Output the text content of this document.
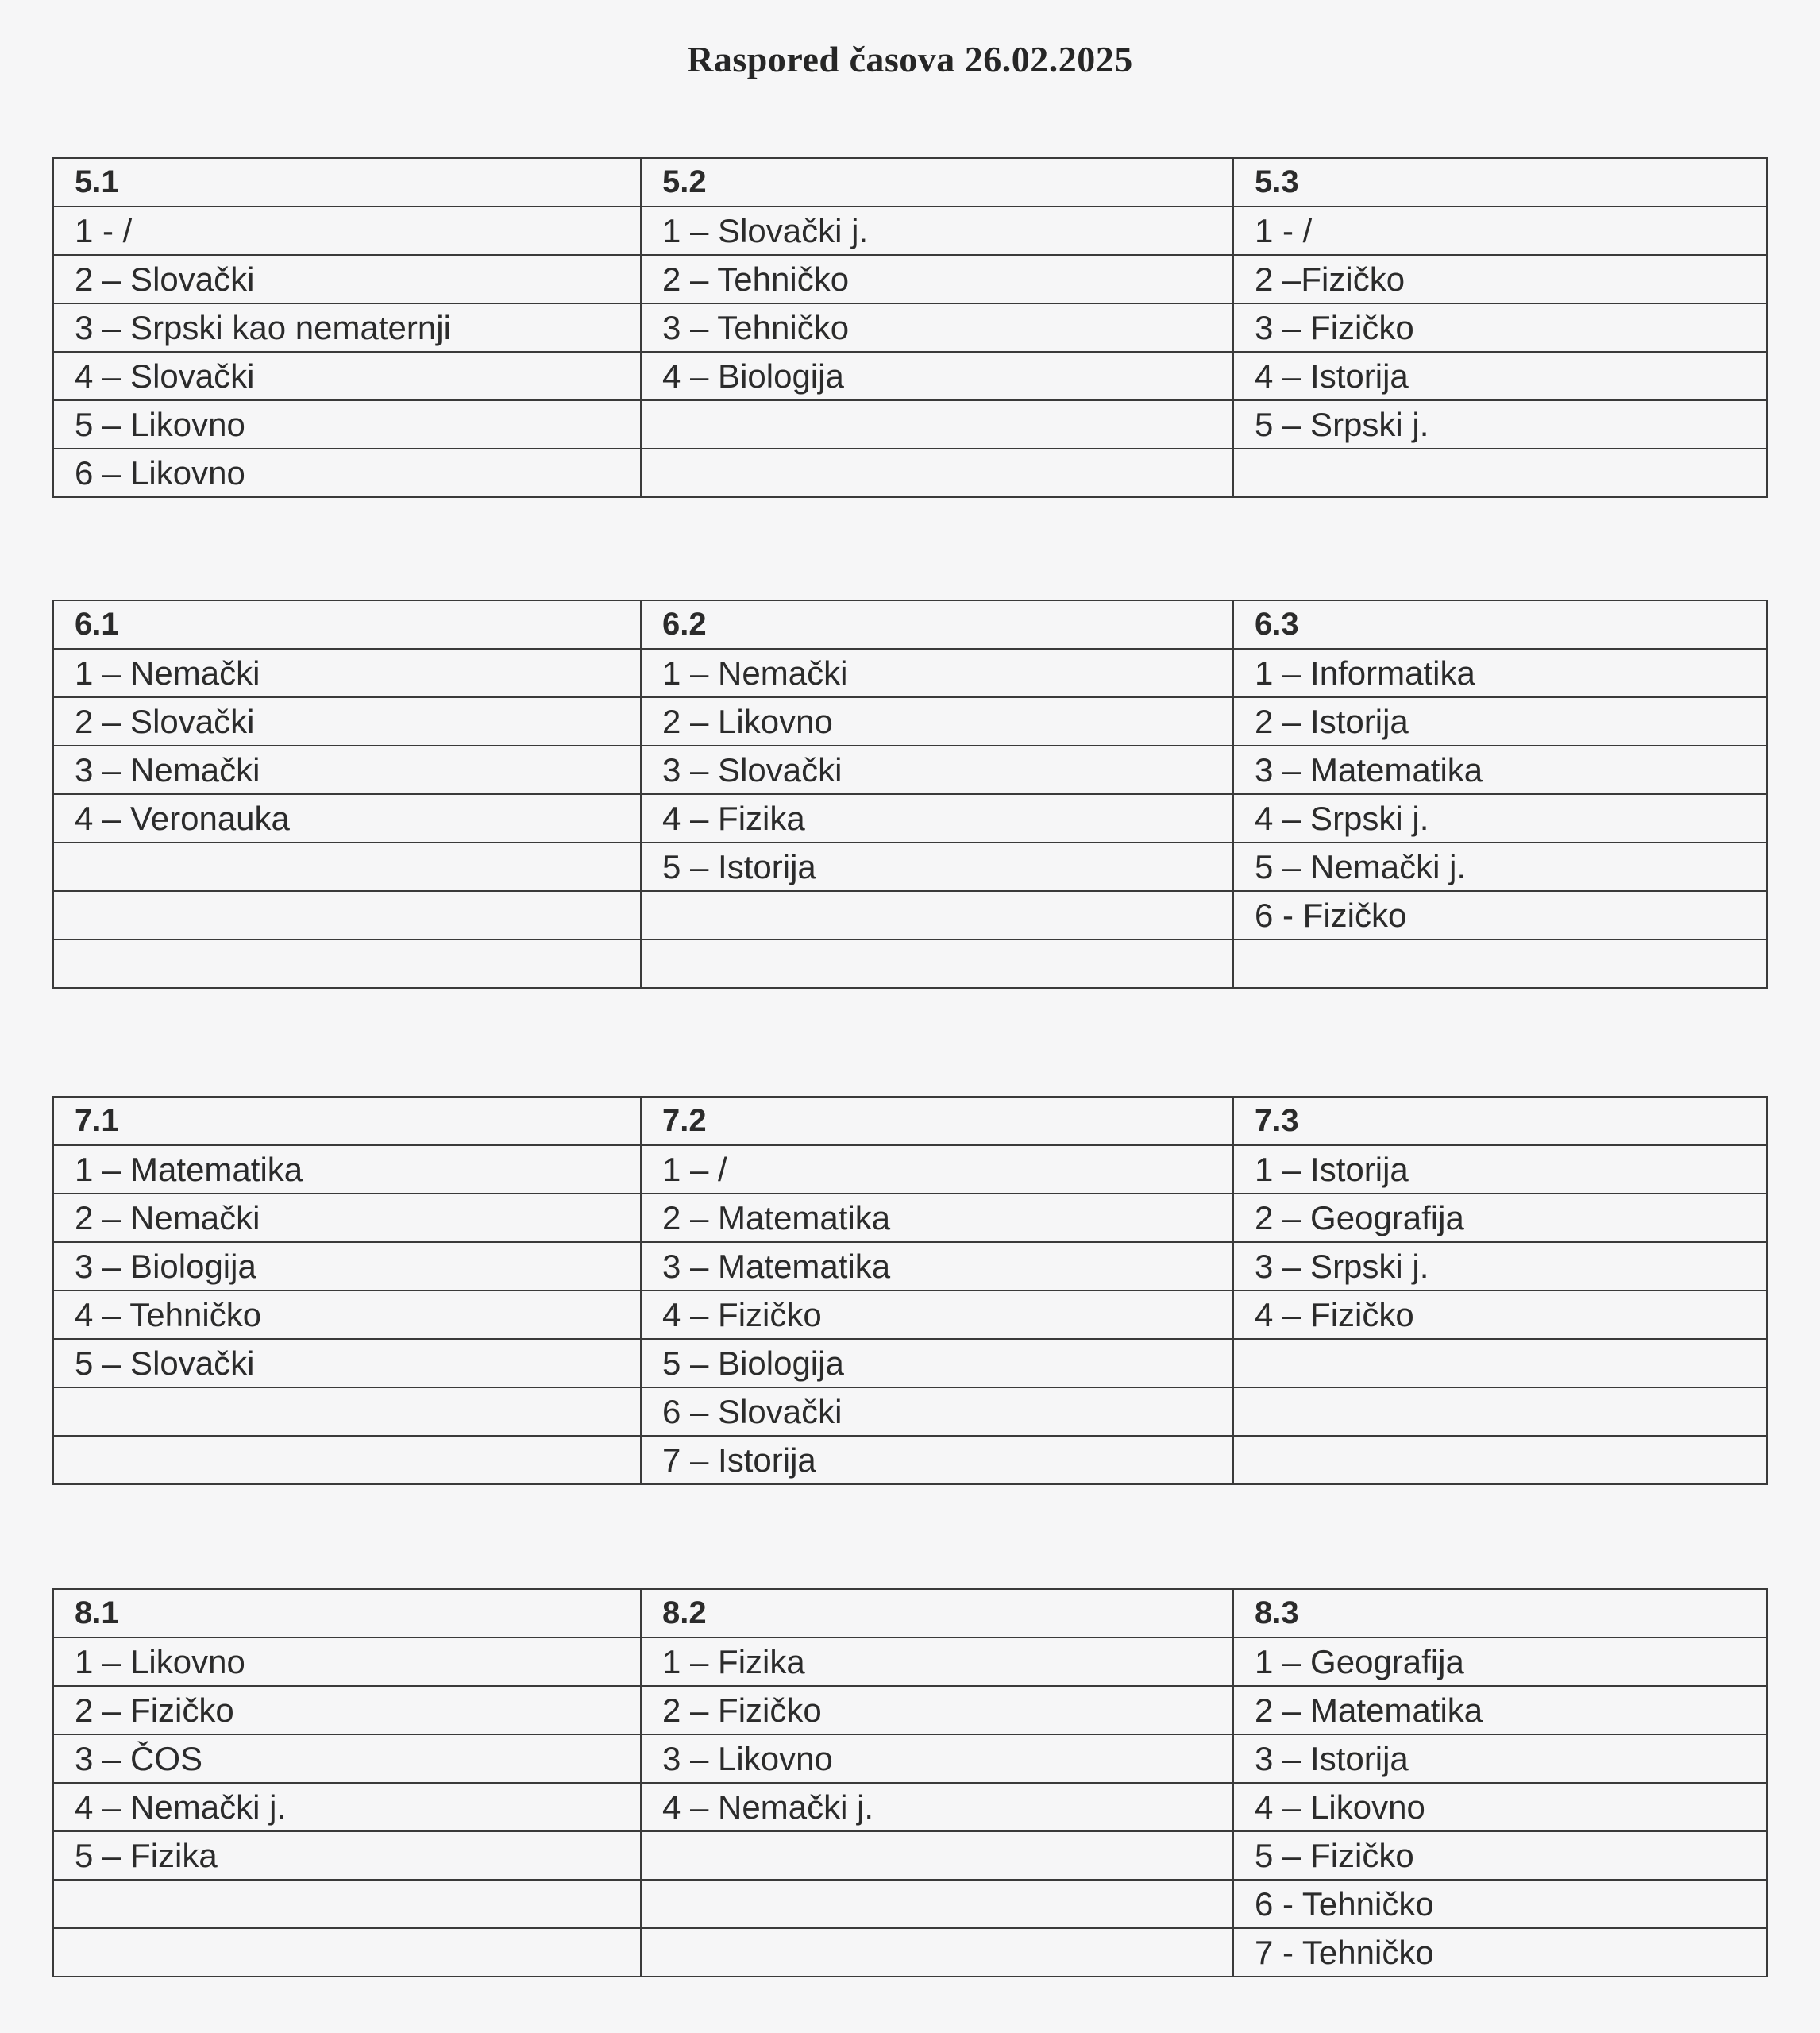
Raspored časova 26.02.2025
5.1	5.2	5.3
1 - /	1 – Slovački j.	1 - /
2 – Slovački	2 – Tehničko	2 –Fizičko
3 – Srpski kao nematernji	3 – Tehničko	3 – Fizičko
4 – Slovački	4 – Biologija	4 – Istorija
5 – Likovno		5 – Srpski j.
6 – Likovno		
6.1	6.2	6.3
1 – Nemački	1 – Nemački	1 – Informatika
2 – Slovački	2 – Likovno	2 – Istorija
3 – Nemački	3 – Slovački	3 – Matematika
4 – Veronauka	4 – Fizika	4 – Srpski j.
	5 – Istorija	5 – Nemački j.
		6 - Fizičko

7.1	7.2	7.3
1 – Matematika	1 – /	1 – Istorija
2 – Nemački	2 – Matematika	2 – Geografija
3 – Biologija	3 – Matematika	3 – Srpski j.
4 – Tehničko	4 – Fizičko	4 – Fizičko
5 – Slovački	5 – Biologija	
	6 – Slovački	
	7 – Istorija	
8.1	8.2	8.3
1 – Likovno	1 – Fizika	1 – Geografija
2 – Fizičko	2 – Fizičko	2 – Matematika
3 – ČOS	3 – Likovno	3 – Istorija
4 – Nemački j.	4 – Nemački j.	4 – Likovno
5 – Fizika		5 – Fizičko
		6 - Tehničko
		7 - Tehničko
